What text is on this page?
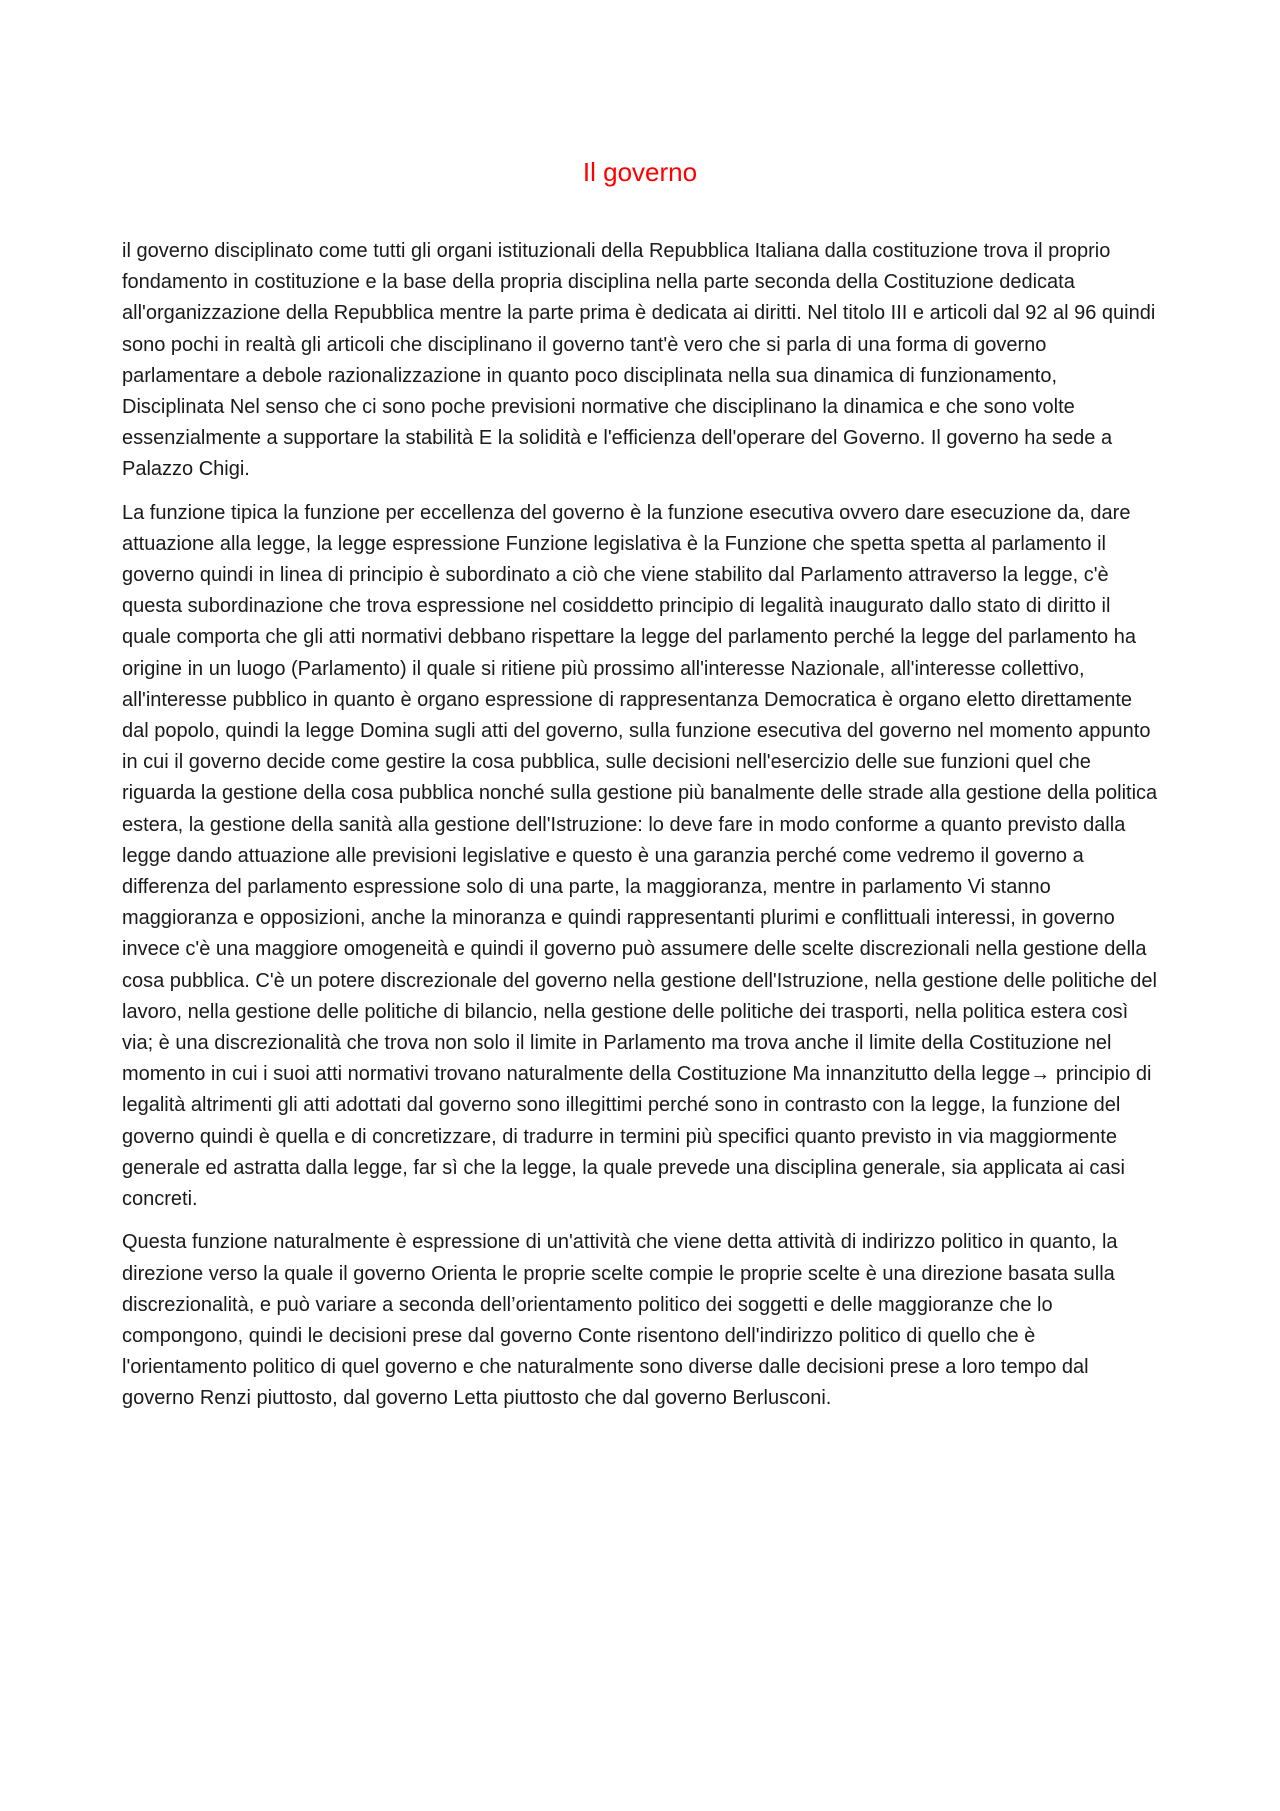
Il governo

il governo disciplinato come tutti gli organi istituzionali della Repubblica Italiana dalla costituzione trova il proprio fondamento in costituzione e la base della propria disciplina nella parte seconda della Costituzione dedicata all'organizzazione della Repubblica mentre la parte prima è dedicata ai diritti. Nel titolo III e articoli dal 92 al 96 quindi sono pochi in realtà gli articoli che disciplinano il governo tant'è vero che si parla di una forma di governo parlamentare a debole razionalizzazione in quanto poco disciplinata nella sua dinamica di funzionamento, Disciplinata Nel senso che ci sono poche previsioni normative che disciplinano la dinamica e che sono volte essenzialmente a supportare la stabilità E la solidità e l'efficienza dell'operare del Governo. Il governo ha sede a Palazzo Chigi.

La funzione tipica la funzione per eccellenza del governo è la funzione esecutiva ovvero dare esecuzione da, dare attuazione alla legge, la legge espressione Funzione legislativa è la Funzione che spetta spetta al parlamento il governo quindi in linea di principio è subordinato a ciò che viene stabilito dal Parlamento attraverso la legge, c'è questa subordinazione che trova espressione nel cosiddetto principio di legalità inaugurato dallo stato di diritto il quale comporta che gli atti normativi debbano rispettare la legge del parlamento perché la legge del parlamento ha origine in un luogo (Parlamento) il quale si ritiene più prossimo all'interesse Nazionale, all'interesse collettivo, all'interesse pubblico in quanto è organo espressione di rappresentanza Democratica è organo eletto direttamente dal popolo, quindi la legge Domina sugli atti del governo, sulla funzione esecutiva del governo nel momento appunto in cui il governo decide come gestire la cosa pubblica, sulle decisioni nell'esercizio delle sue funzioni quel che riguarda la gestione della cosa pubblica nonché sulla gestione più banalmente delle strade alla gestione della politica estera, la gestione della sanità alla gestione dell'Istruzione: lo deve fare in modo conforme a quanto previsto dalla legge dando attuazione alle previsioni legislative e questo è una garanzia perché come vedremo il governo a differenza del parlamento espressione solo di una parte, la maggioranza, mentre in parlamento Vi stanno maggioranza e opposizioni, anche la minoranza e quindi rappresentanti plurimi e conflittuali interessi, in governo invece c'è una maggiore omogeneità e quindi il governo può assumere delle scelte discrezionali nella gestione della cosa pubblica. C'è un potere discrezionale del governo nella gestione dell'Istruzione, nella gestione delle politiche del lavoro, nella gestione delle politiche di bilancio, nella gestione delle politiche dei trasporti, nella politica estera così via; è una discrezionalità che trova non solo il limite in Parlamento ma trova anche il limite della Costituzione nel momento in cui i suoi atti normativi trovano naturalmente della Costituzione Ma innanzitutto della legge→ principio di legalità altrimenti gli atti adottati dal governo sono illegittimi perché sono in contrasto con la legge, la funzione del governo quindi è quella e di concretizzare, di tradurre in termini più specifici quanto previsto in via maggiormente generale ed astratta dalla legge, far sì che la legge, la quale prevede una disciplina generale, sia applicata ai casi concreti.

Questa funzione naturalmente è espressione di un'attività che viene detta attività di indirizzo politico in quanto, la direzione verso la quale il governo Orienta le proprie scelte compie le proprie scelte è una direzione basata sulla discrezionalità, e può variare a seconda dell’orientamento politico dei soggetti e delle maggioranze che lo compongono, quindi le decisioni prese dal governo Conte risentono dell'indirizzo politico di quello che è l'orientamento politico di quel governo e che naturalmente sono diverse dalle decisioni prese a loro tempo dal governo Renzi piuttosto, dal governo Letta piuttosto che dal governo Berlusconi.
